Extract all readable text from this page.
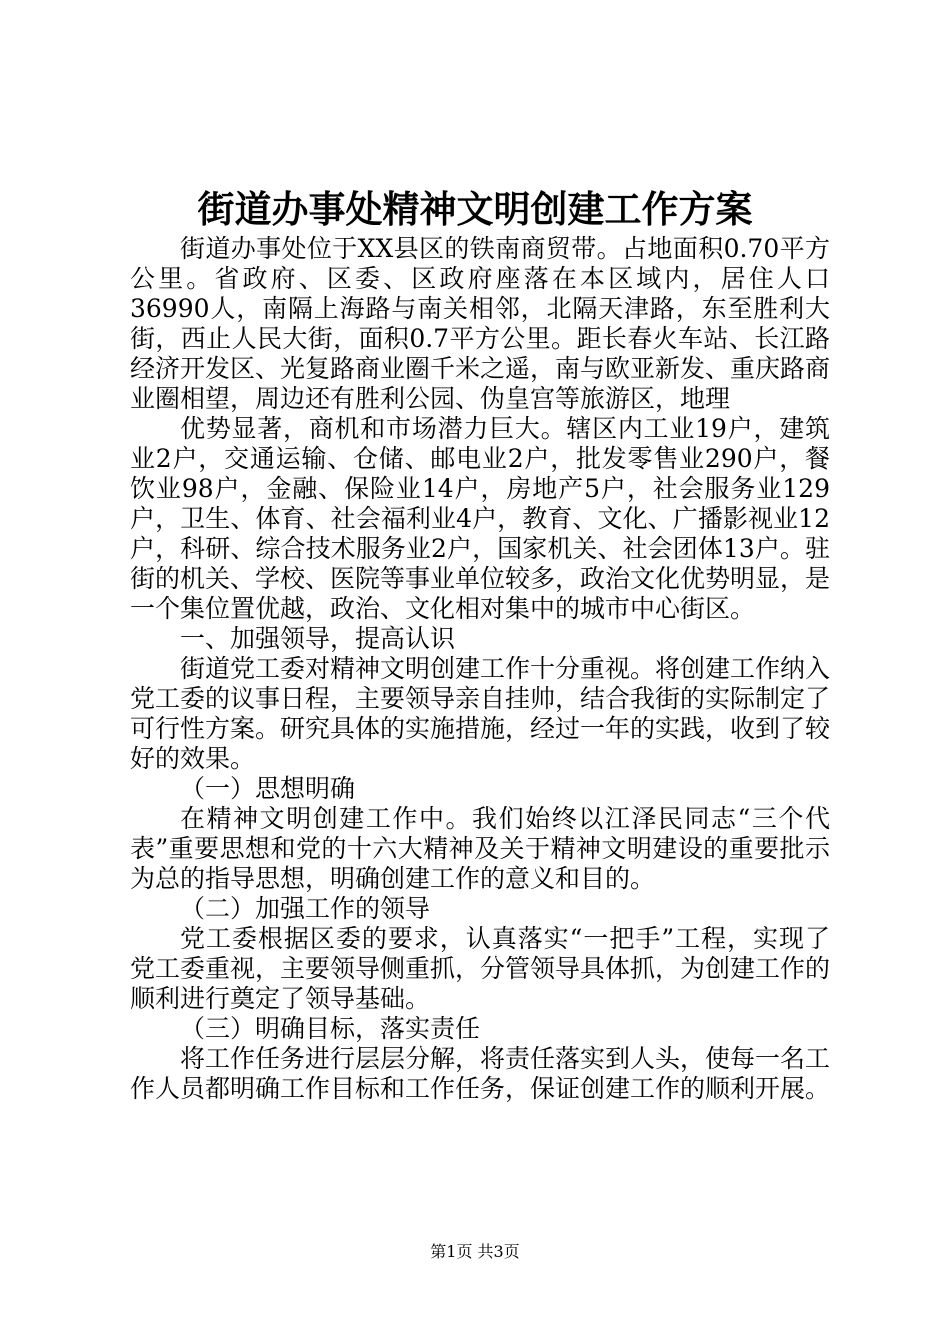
街道办事处精神文明创建工作方案

街道办事处位于XX县区的铁南商贸带。占地面积0.70平方公里。省政府、区委、区政府座落在本区域内，居住人口36990人，南隔上海路与南关相邻，北隔天津路，东至胜利大街，西止人民大街，面积0.7平方公里。距长春火车站、长江路经济开发区、光复路商业圈千米之遥，南与欧亚新发、重庆路商业圈相望，周边还有胜利公园、伪皇宫等旅游区，地理

优势显著，商机和市场潜力巨大。辖区内工业19户，建筑业2户，交通运输、仓储、邮电业2户，批发零售业290户，餐饮业98户，金融、保险业14户，房地产5户，社会服务业129户，卫生、体育、社会福利业4户，教育、文化、广播影视业12户，科研、综合技术服务业2户，国家机关、社会团体13户。驻街的机关、学校、医院等事业单位较多，政治文化优势明显，是一个集位置优越，政治、文化相对集中的城市中心街区。

一、加强领导，提高认识

街道党工委对精神文明创建工作十分重视。将创建工作纳入党工委的议事日程，主要领导亲自挂帅，结合我街的实际制定了可行性方案。研究具体的实施措施，经过一年的实践，收到了较好的效果。

（一）思想明确

在精神文明创建工作中。我们始终以江泽民同志“三个代表”重要思想和党的十六大精神及关于精神文明建设的重要批示为总的指导思想，明确创建工作的意义和目的。

（二）加强工作的领导

党工委根据区委的要求，认真落实“一把手”工程，实现了党工委重视，主要领导侧重抓，分管领导具体抓，为创建工作的顺利进行奠定了领导基础。

（三）明确目标，落实责任

将工作任务进行层层分解，将责任落实到人头，使每一名工作人员都明确工作目标和工作任务，保证创建工作的顺利开展。

第1页 共3页
